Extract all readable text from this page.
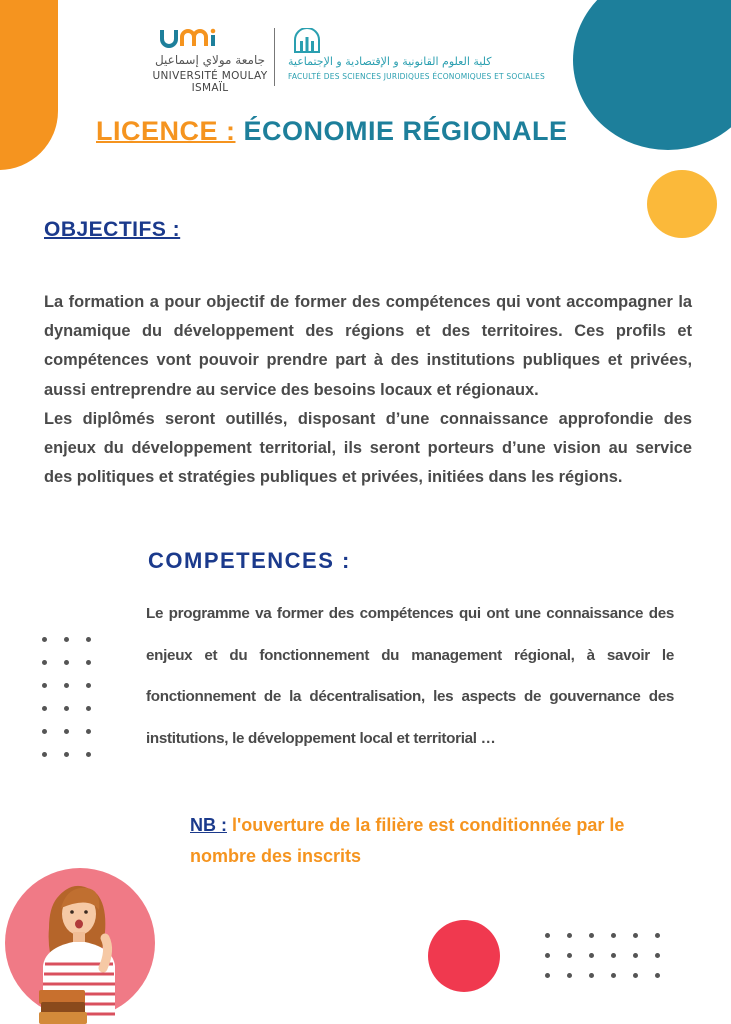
جامعة مولاي إسماعيل
UNIVERSITÉ MOULAY ISMAÏL
كلية العلوم القانونية و الإقتصادية و الإجتماعية
FACULTÉ DES SCIENCES JURIDIQUES ÉCONOMIQUES ET SOCIALES
LICENCE : ÉCONOMIE RÉGIONALE
OBJECTIFS :

La formation a pour objectif de former des compétences qui vont accompagner la dynamique du développement des régions et des territoires. Ces profils et compétences vont pouvoir prendre part à des institutions publiques et privées, aussi entreprendre au service des besoins locaux et régionaux.

Les diplômés seront outillés, disposant d’une connaissance approfondie des enjeux du développement territorial, ils seront porteurs d’une vision au service des politiques et stratégies publiques et privées, initiées dans les régions.

COMPETENCES :
Le programme va former des compétences qui ont une connaissance des enjeux et du fonctionnement du management régional, à savoir le fonctionnement de la décentralisation, les aspects de gouvernance des institutions, le développement local et territorial …
NB : l'ouverture de la filière est conditionnée par le nombre des inscrits
